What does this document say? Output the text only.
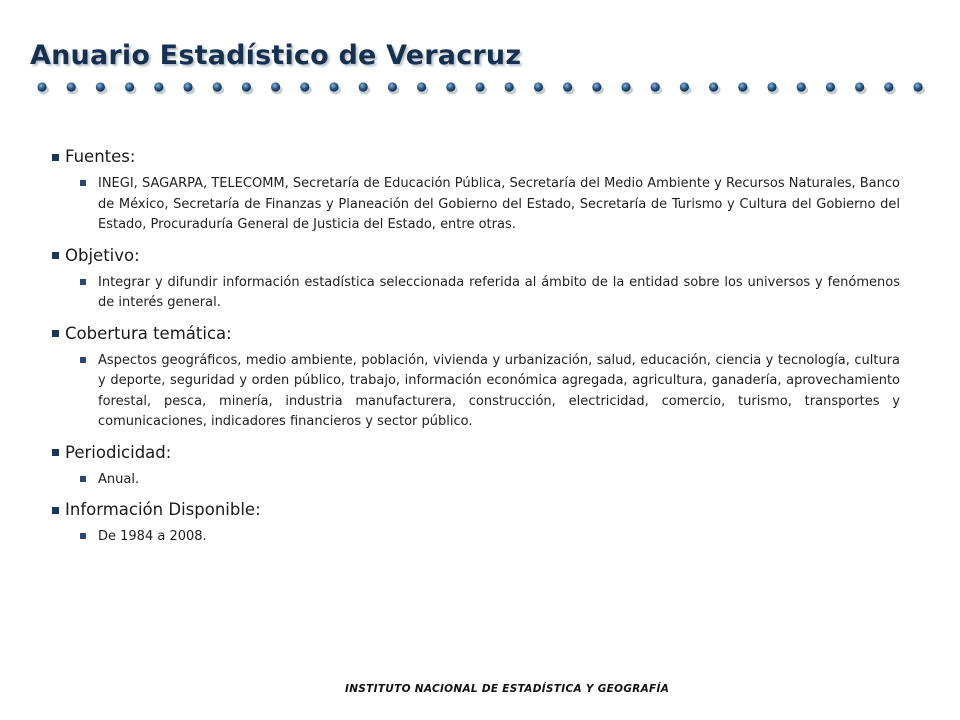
Anuario Estadístico de Veracruz
Fuentes:
INEGI, SAGARPA, TELECOMM, Secretaría de Educación Pública, Secretaría del Medio Ambiente y Recursos Naturales, Banco de México, Secretaría de Finanzas y Planeación del Gobierno del Estado, Secretaría de Turismo y Cultura del Gobierno del Estado, Procuraduría General de Justicia del Estado, entre otras.
Objetivo:
Integrar y difundir información estadística seleccionada referida al ámbito de la entidad sobre los universos y fenómenos de interés general.
Cobertura temática:
Aspectos geográficos, medio ambiente, población, vivienda y urbanización, salud, educación, ciencia y tecnología, cultura y deporte, seguridad y orden público, trabajo, información económica agregada, agricultura, ganadería, aprovechamiento forestal, pesca, minería, industria manufacturera, construcción, electricidad, comercio, turismo, transportes y comunicaciones, indicadores financieros y sector público.
Periodicidad:
Anual.
Información Disponible:
De 1984 a 2008.
INSTITUTO NACIONAL DE ESTADÍSTICA Y GEOGRAFÍA
